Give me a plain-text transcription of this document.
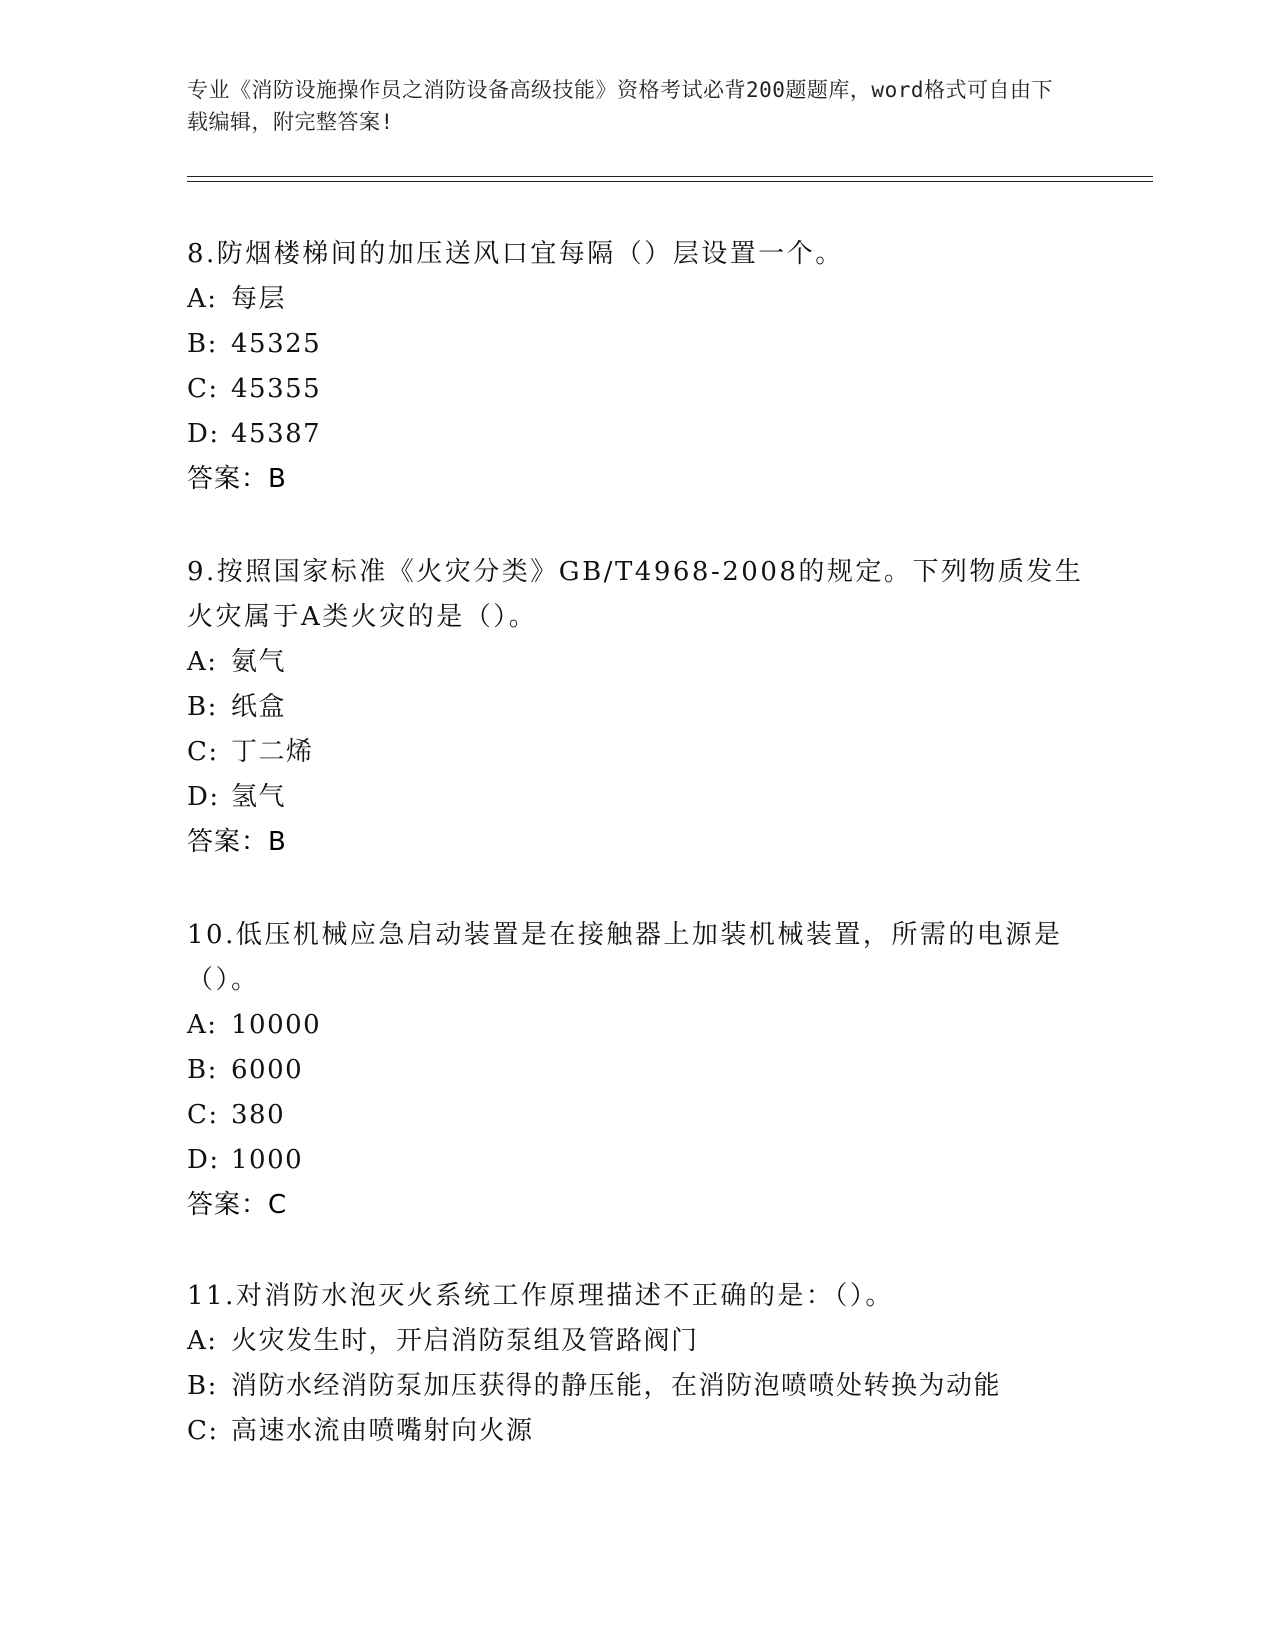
专业《消防设施操作员之消防设备高级技能》资格考试必背200题题库，word格式可自由下载编辑，附完整答案!

8.防烟楼梯间的加压送风口宜每隔（）层设置一个。

A: 每层

B: 45325

C: 45355

D: 45387

答案：B

9.按照国家标准《火灾分类》GB/T4968-2008的规定。下列物质发生火灾属于A类火灾的是（）。

A: 氨气

B: 纸盒

C: 丁二烯

D: 氢气

答案：B

10.低压机械应急启动装置是在接触器上加装机械装置，所需的电源是（）。

A: 10000

B: 6000

C: 380

D: 1000

答案：C

11.对消防水泡灭火系统工作原理描述不正确的是：（）。

A: 火灾发生时，开启消防泵组及管路阀门

B: 消防水经消防泵加压获得的静压能，在消防泡喷喷处转换为动能

C: 高速水流由喷嘴射向火源
